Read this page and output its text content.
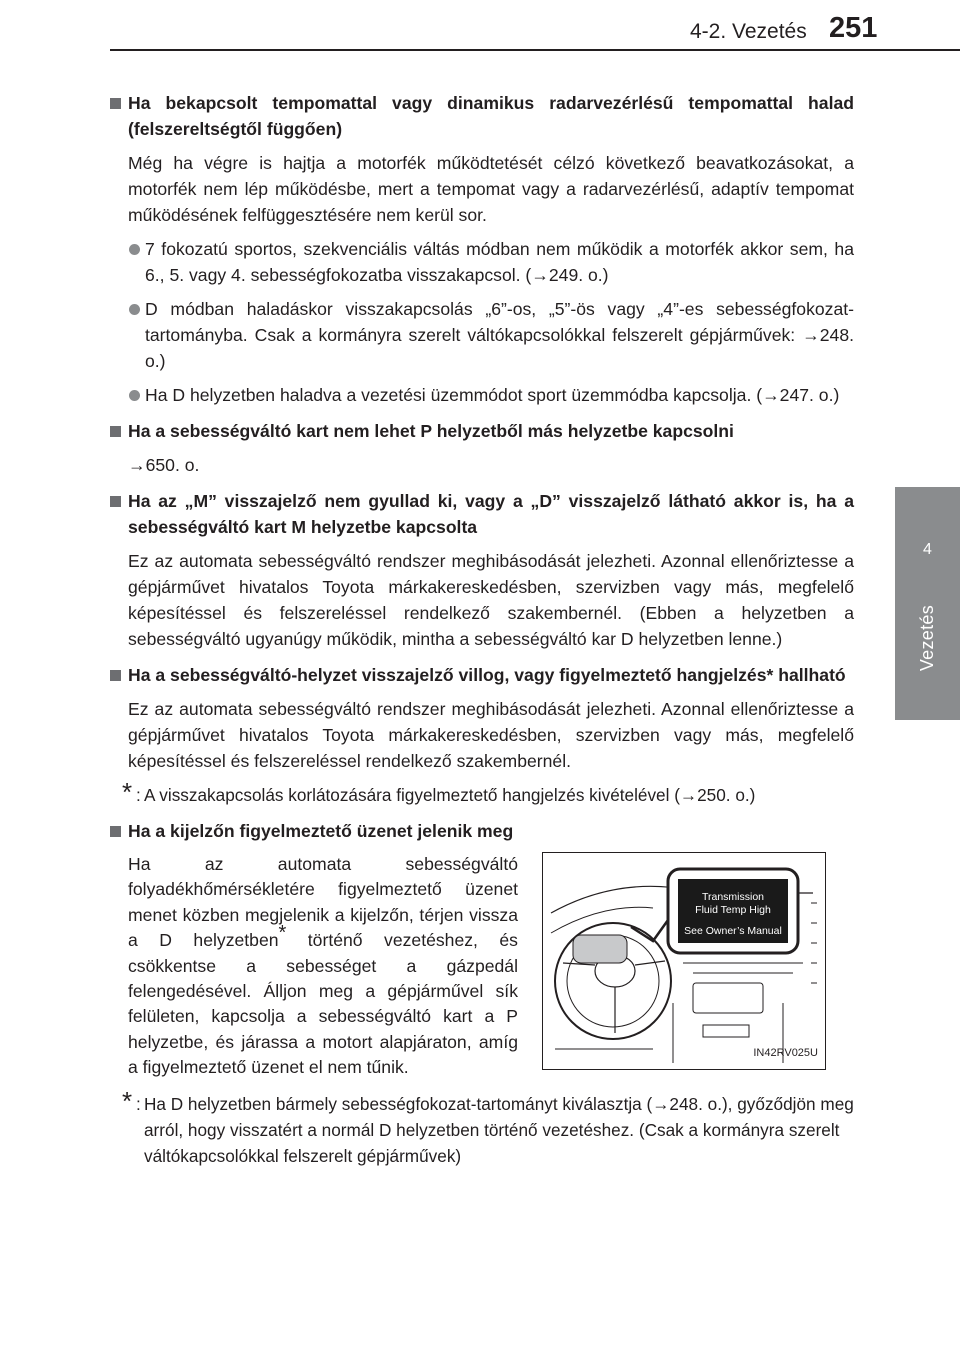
4-2. Vezetés 251
4
Vezetés
Ha bekapcsolt tempomattal vagy dinamikus radarvezérlésű tempomattal halad (felszereltségtől függően)
Még ha végre is hajtja a motorfék működtetését célzó következő beavatkozásokat, a motorfék nem lép működésbe, mert a tempomat vagy a radarvezérlésű, adaptív tempomat működésének felfüggesztésére nem kerül sor.
7 fokozatú sportos, szekvenciális váltás módban nem működik a motorfék akkor sem, ha 6., 5. vagy 4. sebességfokozatba visszakapcsol. (→249. o.)
D módban haladáskor visszakapcsolás „6”-os, „5”-ös vagy „4”-es sebességfokozat-tartományba. Csak a kormányra szerelt váltókapcsolókkal felszerelt gépjárművek: →248. o.)
Ha D helyzetben haladva a vezetési üzemmódot sport üzemmódba kapcsolja. (→247. o.)
Ha a sebességváltó kart nem lehet P helyzetből más helyzetbe kapcsolni
→650. o.
Ha az „M” visszajelző nem gyullad ki, vagy a „D” visszajelző látható akkor is, ha a sebességváltó kart M helyzetbe kapcsolta
Ez az automata sebességváltó rendszer meghibásodását jelezheti. Azonnal ellenőriztesse a gépjárművet hivatalos Toyota márkakereskedésben, szervizben vagy más, megfelelő képesítéssel és felszereléssel rendelkező szakembernél. (Ebben a helyzetben a sebességváltó ugyanúgy működik, mintha a sebességváltó kar D helyzetben lenne.)
Ha a sebességváltó-helyzet visszajelző villog, vagy figyelmeztető hangjelzés* hallható
Ez az automata sebességváltó rendszer meghibásodását jelezheti. Azonnal ellenőriztesse a gépjárművet hivatalos Toyota márkakereskedésben, szervizben vagy más, megfelelő képesítéssel és felszereléssel rendelkező szakembernél.
* : A visszakapcsolás korlátozására figyelmeztető hangjelzés kivételével (→250. o.)
Ha a kijelzőn figyelmeztető üzenet jelenik meg
Ha az automata sebességváltó folyadékhőmérsékletére figyelmeztető üzenet menet közben megjelenik a kijelzőn, térjen vissza a D helyzetben* történő vezetéshez, és csökkentse a sebességet a gázpedál felengedésével. Álljon meg a gépjárművel sík felületen, kapcsolja a sebességváltó kart a P helyzetbe, és járassa a motort alapjáraton, amíg a figyelmeztető üzenet el nem tűnik.
Transmission
Fluid Temp High
See Owner’s Manual
IN42RV025U
* : Ha D helyzetben bármely sebességfokozat-tartományt kiválasztja (→248. o.), győződjön meg arról, hogy visszatért a normál D helyzetben történő vezetéshez. (Csak a kormányra szerelt váltókapcsolókkal felszerelt gépjárművek)
